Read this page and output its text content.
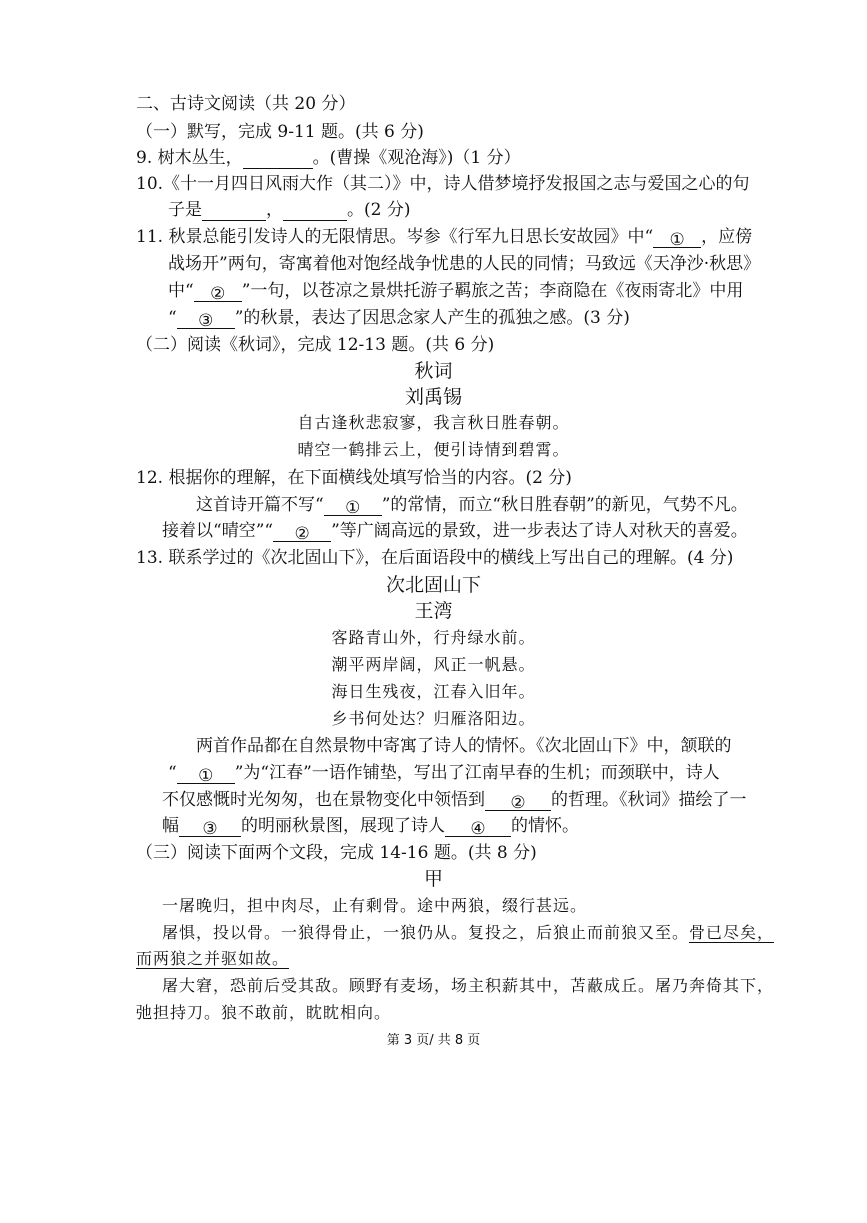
二、古诗文阅读（共 20 分）
（一）默写，完成 9-11 题。(共 6 分)
9. 树木丛生，	。(曹操《观沧海》)（1 分）
10.《十一月四日风雨大作（其二）》中，诗人借梦境抒发报国之志与爱国之心的句
子是	，	。(2 分)
11. 秋景总能引发诗人的无限情思。岑参《行军九日思长安故园》中“ ① ，应傍
战场开”两句，寄寓着他对饱经战争忧患的人民的同情；马致远《天净沙·秋思》
中“ ② ”一句，以苍凉之景烘托游子羁旅之苦；李商隐在《夜雨寄北》中用
“ ③ ”的秋景，表达了因思念家人产生的孤独之感。(3 分)
（二）阅读《秋词》，完成 12-13 题。(共 6 分)
秋词
刘禹锡
自古逢秋悲寂寥，我言秋日胜春朝。
晴空一鹤排云上，便引诗情到碧霄。
12. 根据你的理解，在下面横线处填写恰当的内容。(2 分)
这首诗开篇不写“ ① ”的常情，而立“秋日胜春朝”的新见，气势不凡。
接着以“晴空”“ ② ”等广阔高远的景致，进一步表达了诗人对秋天的喜爱。
13. 联系学过的《次北固山下》，在后面语段中的横线上写出自己的理解。(4 分)
次北固山下
王湾
客路青山外，行舟绿水前。
潮平两岸阔，风正一帆悬。
海日生残夜，江春入旧年。
乡书何处达？归雁洛阳边。
两首作品都在自然景物中寄寓了诗人的情怀。《次北固山下》中，颔联的
“ ① ”为“江春”一语作铺垫，写出了江南早春的生机；而颈联中，诗人
不仅感慨时光匆匆，也在景物变化中领悟到 ② 的哲理。《秋词》描绘了一
幅 ③ 的明丽秋景图，展现了诗人 ④ 的情怀。
（三）阅读下面两个文段，完成 14-16 题。(共 8 分)
甲
一屠晚归，担中肉尽，止有剩骨。途中两狼，缀行甚远。
屠惧，投以骨。一狼得骨止，一狼仍从。复投之，后狼止而前狼又至。骨已尽矣，
而两狼之并驱如故。
屠大窘，恐前后受其敌。顾野有麦场，场主积薪其中，苫蔽成丘。屠乃奔倚其下，
弛担持刀。狼不敢前，眈眈相向。
第 3 页/ 共 8 页
